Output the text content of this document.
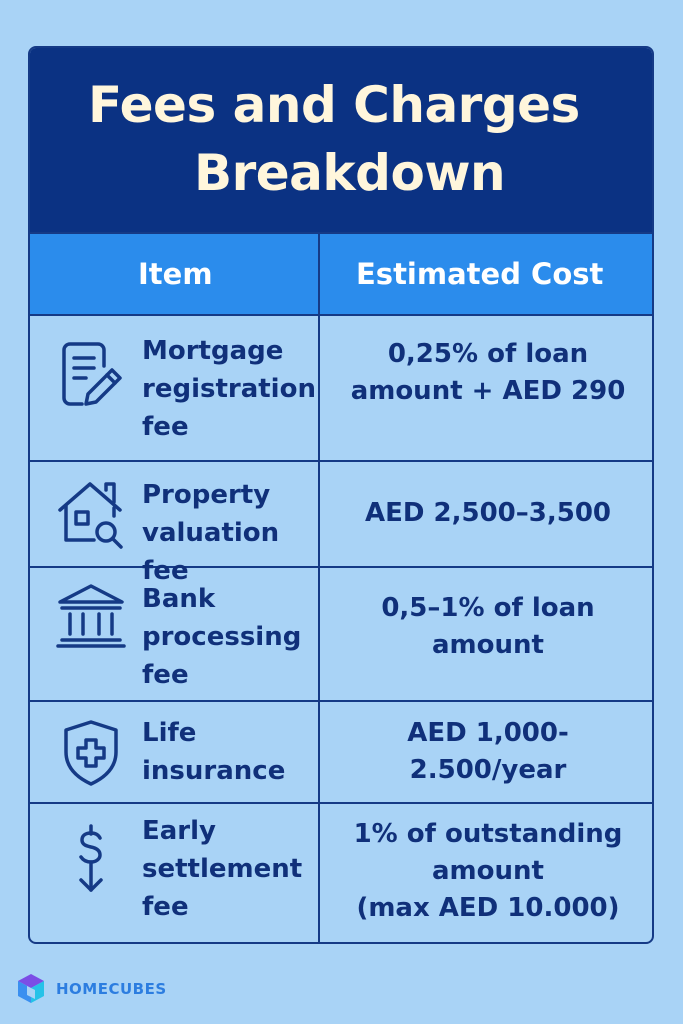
Fees and Charges
Breakdown
Item	Estimated Cost
Mortgage
registration
fee
0,25% of loan
amount + AED 290
Property
valuation fee
AED 2,500–3,500
Bank
processing
fee
0,5–1% of loan
amount
Life
insurance
AED 1,000-
2.500/year
Early
settlement
fee
1% of outstanding
amount
(max AED 10.000)
HOMECUBES
